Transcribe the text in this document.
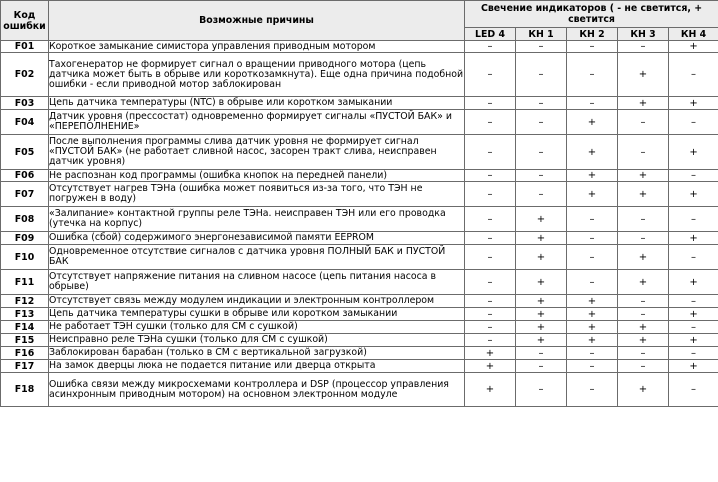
Код ошибки	Возможные причины	Свечение индикаторов ( - не светится, + светится				
		LED 4	КН 1	КН 2	КН 3	КН 4
F01	Короткое замыкание симистора управления приводным мотором	–	–	–	–	+
F02	Тахогенератор не формирует сигнал о вращении приводного мотора (цепь датчика может быть в обрыве или короткозамкнута). Еще одна причина подобной ошибки - если приводной мотор заблокирован	–	–	–	+	–
F03	Цепь датчика температуры (NTC) в обрыве или коротком замыкании	–	–	–	+	+
F04	Датчик уровня (прессостат) одновременно формирует сигналы «ПУСТОЙ БАК» и «ПЕРЕПОЛНЕНИЕ»	–	–	+	–	–
F05	После выполнения программы слива датчик уровня не формирует сигнал «ПУСТОЙ БАК» (не работает сливной насос, засорен тракт слива, неисправен датчик уровня)	–	–	+	–	+
F06	Не распознан код программы (ошибка кнопок на передней панели)	–	–	+	+	–
F07	Отсутствует нагрев ТЭНа (ошибка может появиться из-за того, что ТЭН не погружен в воду)	–	–	+	+	+
F08	«Залипание» контактной группы реле ТЭНа. неисправен ТЭН или его проводка (утечка на корпус)	–	+	–	–	–
F09	Ошибка (сбой) содержимого энергонезависимой памяти EEPROM	–	+	–	–	+
F10	Одновременное отсутствие сигналов с датчика уровня ПОЛНЫЙ БАК и ПУСТОЙ БАК	–	+	–	+	–
F11	Отсутствует напряжение питания на сливном насосе (цепь питания насоса в обрыве)	–	+	–	+	+
F12	Отсутствует связь между модулем индикации и электронным контроллером	–	+	+	–	–
F13	Цепь датчика температуры сушки в обрыве или коротком замыкании	–	+	+	–	+
F14	Не работает ТЭН сушки (только для СМ с сушкой)	–	+	+	+	–
F15	Неисправно реле ТЭНа сушки (только для СМ с сушкой)	–	+	+	+	+
F16	Заблокирован барабан (только в СМ с вертикальной загрузкой)	+	–	–	–	–
F17	На замок дверцы люка не подается питание или дверца открыта	+	–	–	–	+
F18	Ошибка связи между микросхемами контроллера и DSP (процессор управления асинхронным приводным мотором) на основном электронном модуле	+	–	–	+	–
